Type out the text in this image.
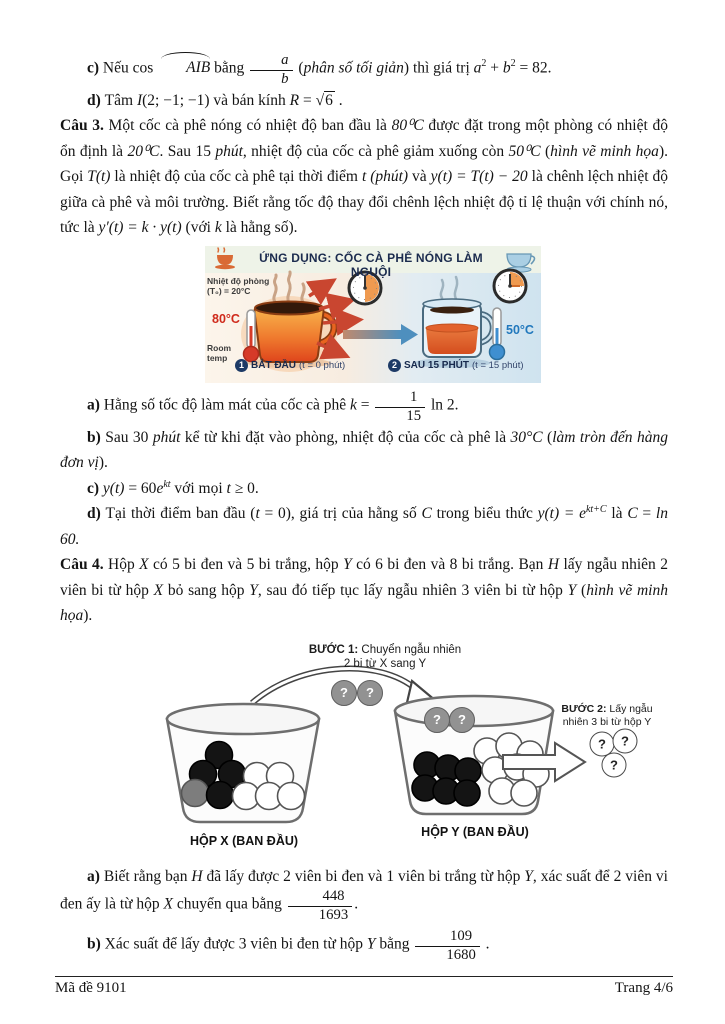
c) Nếu cos AIB bằng $\frac{a}{b}$ (phân số tối giản) thì giá trị $a^2 + b^2 = 82$.

d) Tâm I(2; −1; −1) và bán kính R = √ 6 .

Câu 3. Một cốc cà phê nóng có nhiệt độ ban đầu là 80⁰C được đặt trong một phòng có nhiệt độ ổn định là 20⁰C. Sau 15 phút, nhiệt độ của cốc cà phê giảm xuống còn 50⁰C (hình vẽ minh họa). Gọi T(t) là nhiệt độ của cốc cà phê tại thời điểm t (phút) và y(t) = T(t) − 20 là chênh lệch nhiệt độ giữa cà phê và môi trường. Biết rằng tốc độ thay đổi chênh lệch nhiệt độ tỉ lệ thuận với chính nó, tức là y′(t) = k · y(t) (với k là hằng số).

ỨNG DỤNG: CỐC CÀ PHÊ NÓNG LÀM NGUỘI
Nhiệt độ phòng
(T₀) = 20°C
80°C
Room
temp
50°C
1 BẮT ĐẦU (t = 0 phút)	2 SAU 15 PHÚT (t = 15 phút)

a) Hằng số tốc độ làm mát của cốc cà phê $k = \frac{1}{15}$ ln 2.

b) Sau 30 phút kể từ khi đặt vào phòng, nhiệt độ của cốc cà phê là 30°C (làm tròn đến hàng đơn vị).

c) $y(t) = 60e^{kt}$ với mọi t ≥ 0.

d) Tại thời điểm ban đầu (t = 0), giá trị của hằng số C trong biểu thức $y(t) = e^{kt+C}$ là C = ln 60.

Câu 4. Hộp X có 5 bi đen và 5 bi trắng, hộp Y có 6 bi đen và 8 bi trắng. Bạn H lấy ngẫu nhiên 2 viên bi từ hộp X bỏ sang hộp Y, sau đó tiếp tục lấy ngẫu nhiên 3 viên bi từ hộp Y (hình vẽ minh họa).

BƯỚC 1: Chuyển ngẫu nhiên
2 bi từ X sang Y
BƯỚC 2: Lấy ngẫu nhiên 3 bi từ hộp Y
HỘP X (BAN ĐẦU)
HỘP Y (BAN ĐẦU)
?	?
?	?
?	?
?

a) Biết rằng bạn H đã lấy được 2 viên bi đen và 1 viên bi trắng từ hộp Y, xác suất để 2 viên vi đen ấy là từ hộp X chuyển qua bằng $\frac{448}{1693}$ .

b) Xác suất để lấy được 3 viên bi đen từ hộp Y bằng $\frac{109}{1680}$ .

Mã đề 9101	Trang 4/6
